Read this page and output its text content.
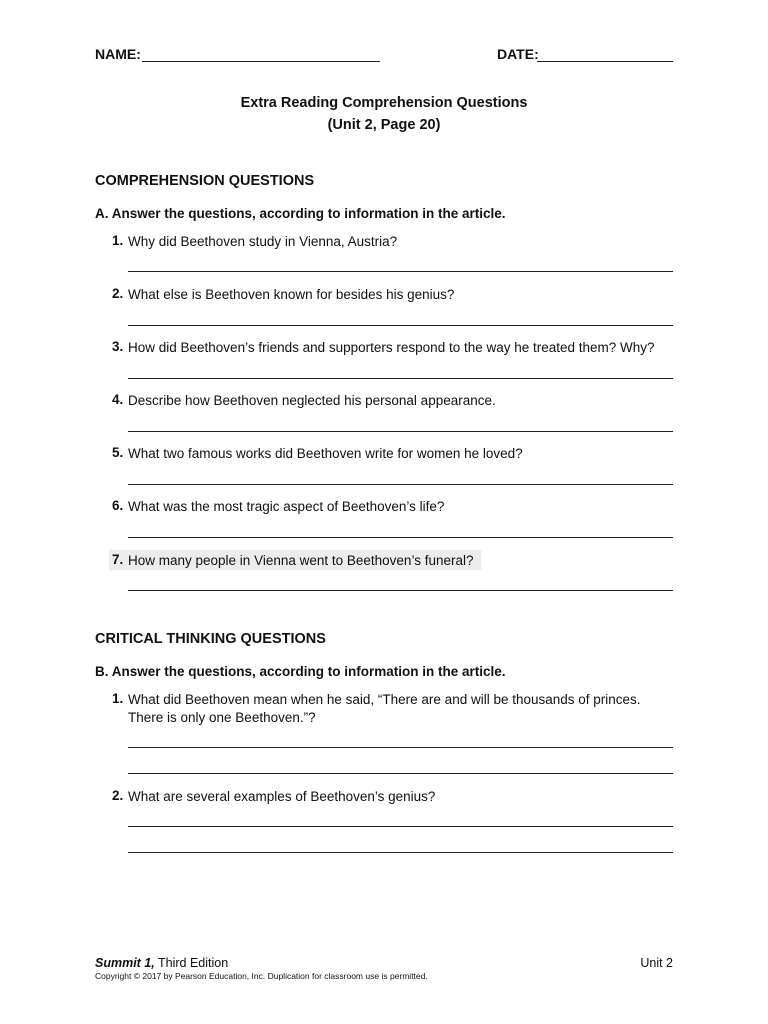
NAME:	DATE:
Extra Reading Comprehension Questions
(Unit 2, Page 20)
COMPREHENSION QUESTIONS
A. Answer the questions, according to information in the article.
1. Why did Beethoven study in Vienna, Austria?
2. What else is Beethoven known for besides his genius?
3. How did Beethoven’s friends and supporters respond to the way he treated them? Why?
4. Describe how Beethoven neglected his personal appearance.
5. What two famous works did Beethoven write for women he loved?
6. What was the most tragic aspect of Beethoven’s life?
7. How many people in Vienna went to Beethoven’s funeral?
CRITICAL THINKING QUESTIONS
B. Answer the questions, according to information in the article.
1. What did Beethoven mean when he said, “There are and will be thousands of princes.
There is only one Beethoven.”?
2. What are several examples of Beethoven’s genius?
Summit 1, Third Edition
Copyright © 2017 by Pearson Education, Inc. Duplication for classroom use is permitted.
Unit 2
